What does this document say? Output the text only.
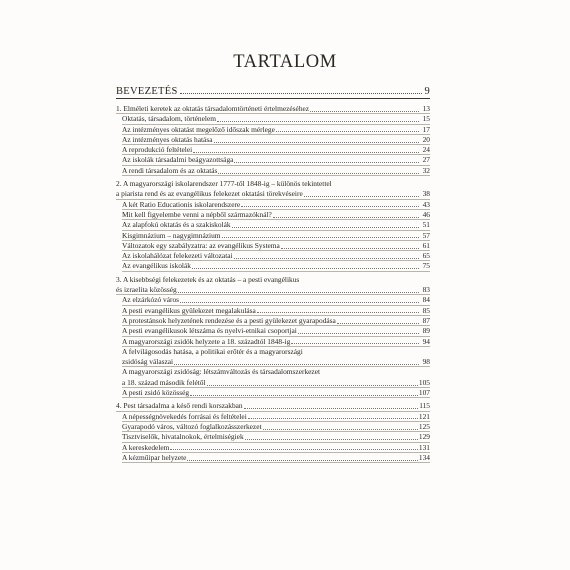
TARTALOM
BEVEZETÉS	9
1. Elméleti keretek az oktatás társadalomtörténeti értelmezéséhez	13
Oktatás, társadalom, történelem	15
Az intézményes oktatást megelőző időszak mérlege	17
Az intézményes oktatás hatása	20
A reprodukció feltételei	24
Az iskolák társadalmi beágyazottsága	27
A rendi társadalom és az oktatás	32
2. A magyarországi iskolarendszer 1777-től 1848-ig – különös tekintettel
a piarista rend és az evangélikus felekezet oktatási törekvéseire	38
A két Ratio Educationis iskolarendszere	43
Mit kell figyelembe venni a népből származóknál?	46
Az alapfokú oktatás és a szakiskolák	51
Kisgimnázium – nagygimnázium	57
Változatok egy szabályzatra: az evangélikus Systema	61
Az iskolahálózat felekezeti változatai	65
Az evangélikus iskolák	75
3. A kisebbségi felekezetek és az oktatás – a pesti evangélikus
és izraelita közösség	83
Az elzárkózó város	84
A pesti evangélikus gyülekezet megalakulása	85
A protestánsok helyzetének rendezése és a pesti gyülekezet gyarapodása	87
A pesti evangélikusok létszáma és nyelvi-etnikai csoportjai	89
A magyarországi zsidók helyzete a 18. századtól 1848-ig	94
A felvilágosodás hatása, a politikai erőtér és a magyarországi
zsidóság válaszai	98
A magyarországi zsidóság: létszámváltozás és társadalomszerkezet
a 18. század második felétől	105
A pesti zsidó közösség	107
4. Pest társadalma a késő rendi korszakban	115
A népességnövekedés forrásai és feltételei	121
Gyarapodó város, változó foglalkozásszerkezet	125
Tisztviselők, hivatalnokok, értelmiségiek	129
A kereskedelem	131
A kézműipar helyzete	134
